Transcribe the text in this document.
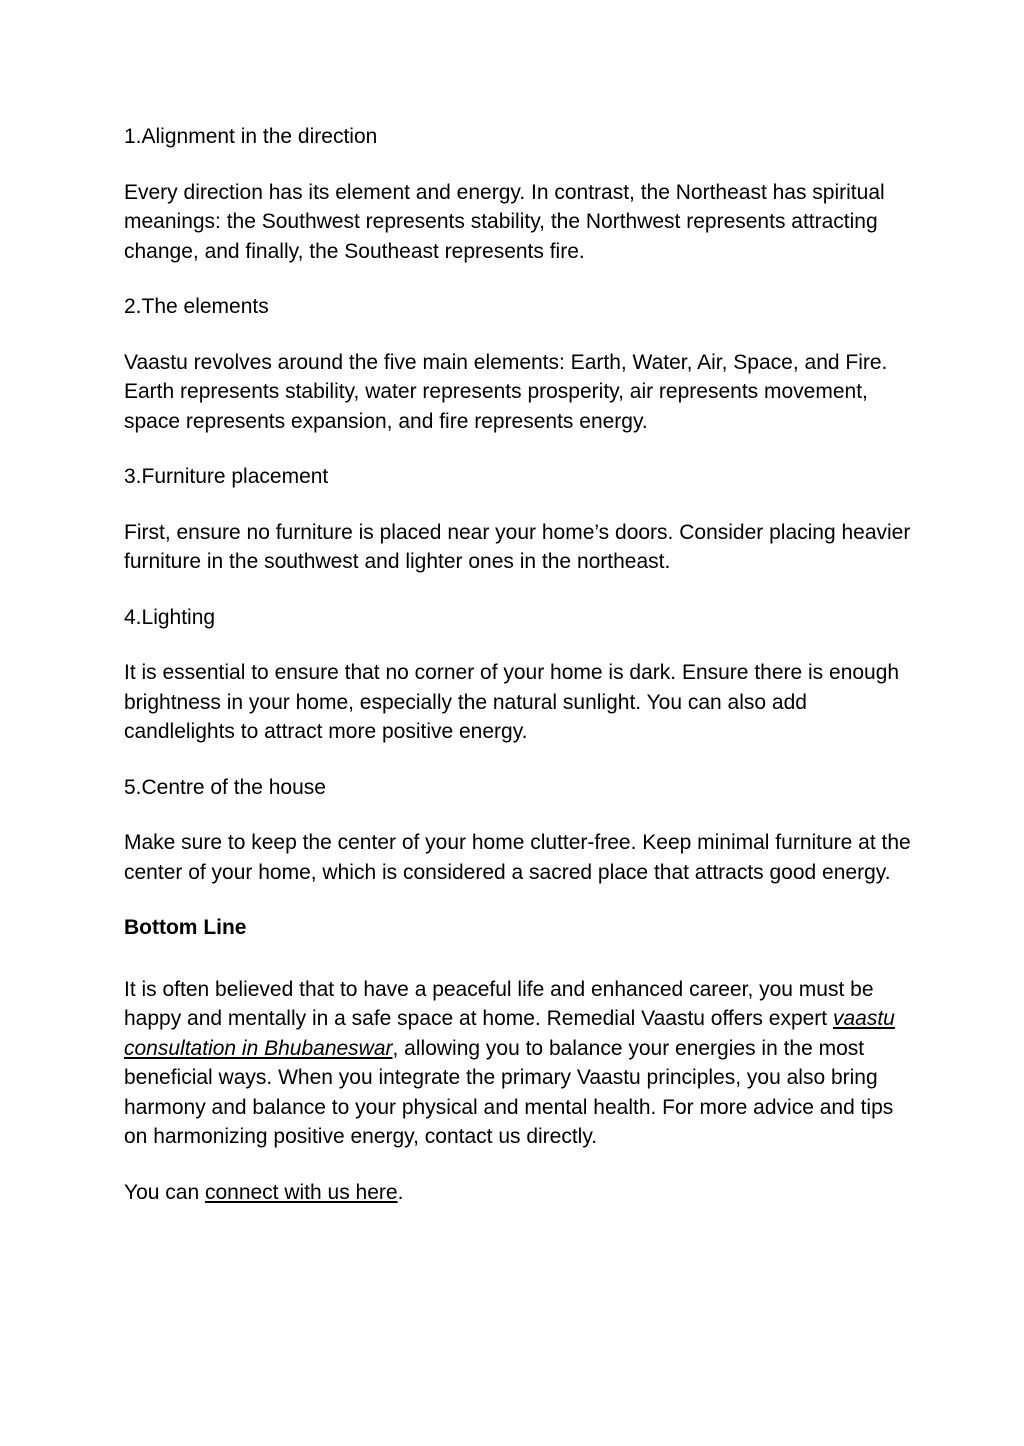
1.Alignment in the direction
Every direction has its element and energy. In contrast, the Northeast has spiritual meanings: the Southwest represents stability, the Northwest represents attracting change, and finally, the Southeast represents fire.
2.The elements
Vaastu revolves around the five main elements: Earth, Water, Air, Space, and Fire. Earth represents stability, water represents prosperity, air represents movement, space represents expansion, and fire represents energy.
3.Furniture placement
First, ensure no furniture is placed near your home’s doors. Consider placing heavier furniture in the southwest and lighter ones in the northeast.
4.Lighting
It is essential to ensure that no corner of your home is dark. Ensure there is enough brightness in your home, especially the natural sunlight. You can also add candlelights to attract more positive energy.
5.Centre of the house
Make sure to keep the center of your home clutter-free. Keep minimal furniture at the center of your home, which is considered a sacred place that attracts good energy.
Bottom Line
It is often believed that to have a peaceful life and enhanced career, you must be happy and mentally in a safe space at home. Remedial Vaastu offers expert vaastu consultation in Bhubaneswar, allowing you to balance your energies in the most beneficial ways. When you integrate the primary Vaastu principles, you also bring harmony and balance to your physical and mental health. For more advice and tips on harmonizing positive energy, contact us directly.
You can connect with us here.
